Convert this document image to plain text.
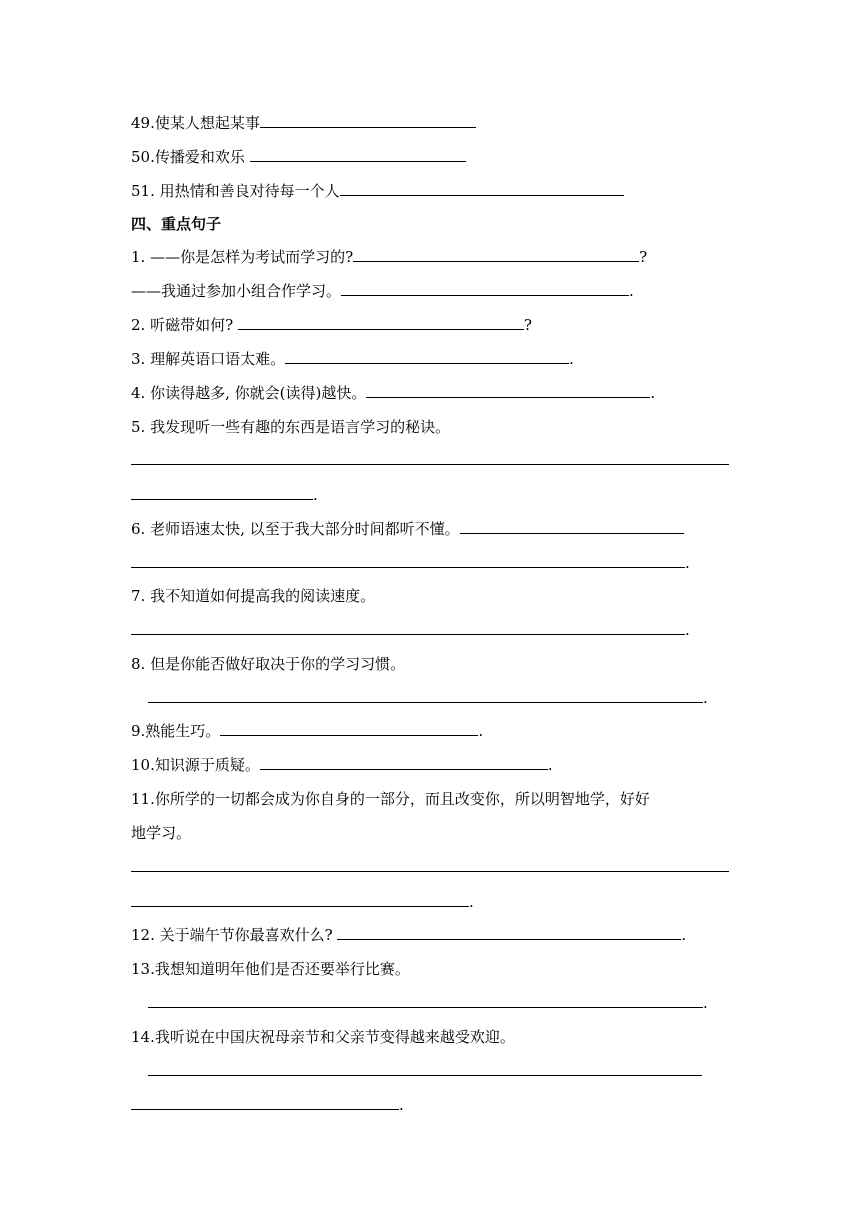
49.使某人想起某事

50.传播爱和欢乐

51. 用热情和善良对待每一个人

四、重点句子

1. ——你是怎样为考试而学习的?	?

——我通过参加小组合作学习。	.

2. 听磁带如何?	?

3. 理解英语口语太难。	.

4. 你读得越多, 你就会(读得)越快。	.

5. 我发现听一些有趣的东西是语言学习的秘诀。

.

6. 老师语速太快, 以至于我大部分时间都听不懂。

.

7. 我不知道如何提高我的阅读速度。

.

8. 但是你能否做好取决于你的学习习惯。

.

9.熟能生巧。	.

10.知识源于质疑。	.

11.你所学的一切都会成为你自身的一部分，而且改变你，所以明智地学，好好

地学习。

.

12. 关于端午节你最喜欢什么?	.

13.我想知道明年他们是否还要举行比赛。

.

14.我听说在中国庆祝母亲节和父亲节变得越来越受欢迎。

.
